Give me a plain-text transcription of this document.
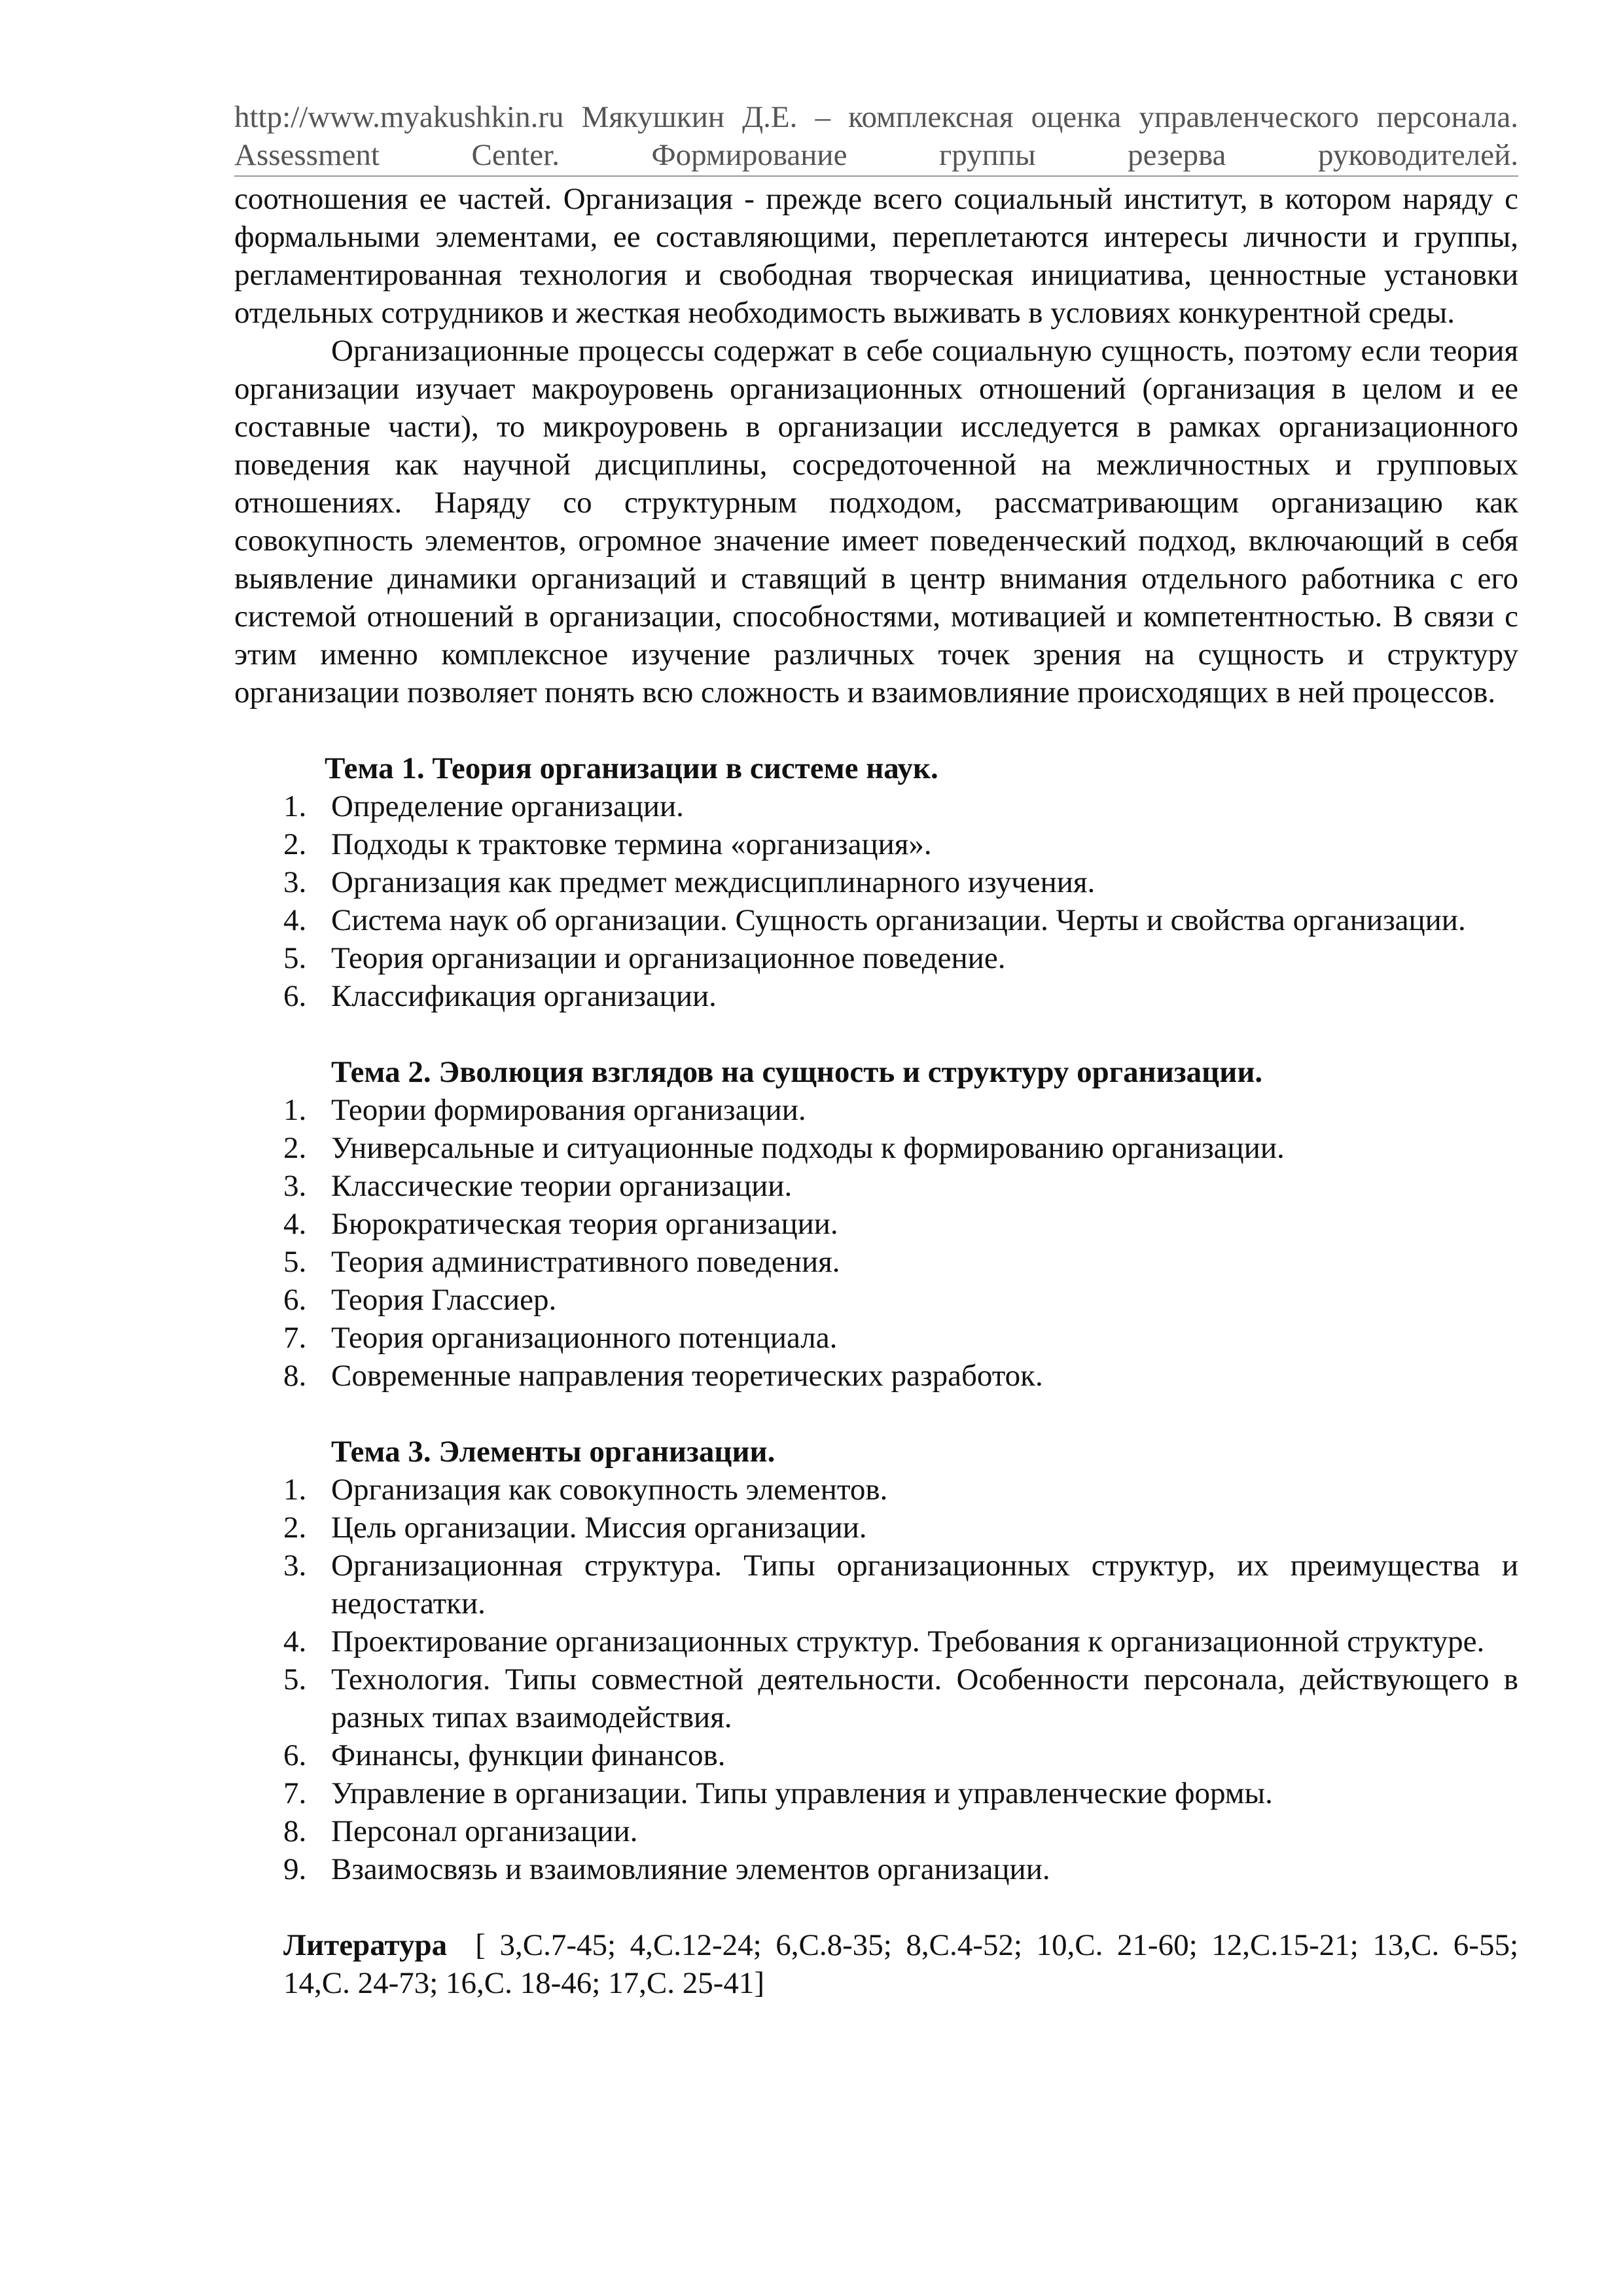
http://www.myakushkin.ru Мякушкин Д.Е. – комплексная оценка управленческого персонала.
Assessment Center. Формирование группы резерва руководителей.

соотношения ее частей. Организация - прежде всего социальный институт, в котором наряду с формальными элементами, ее составляющими, переплетаются интересы личности и группы, регламентированная технология и свободная творческая инициатива, ценностные установки отдельных сотрудников и жесткая необходимость выживать в условиях конкурентной среды.

Организационные процессы содержат в себе социальную сущность, поэтому если теория организации изучает макроуровень организационных отношений (организация в целом и ее составные части), то микроуровень в организации исследуется в рамках организационного поведения как научной дисциплины, сосредоточенной на межличностных и групповых отношениях. Наряду со структурным подходом, рассматривающим организацию как совокупность элементов, огромное значение имеет поведенческий подход, включающий в себя выявление динамики организаций и ставящий в центр внимания отдельного работника с его системой отношений в организации, способностями, мотивацией и компетентностью. В связи с этим именно комплексное изучение различных точек зрения на сущность и структуру организации позволяет понять всю сложность и взаимовлияние происходящих в ней процессов.

Тема 1. Теория организации в системе наук.

1. Определение организации.
2. Подходы к трактовке термина «организация».
3. Организация как предмет междисциплинарного изучения.
4. Система наук об организации. Сущность организации. Черты и свойства организации.
5. Теория организации и организационное поведение.
6. Классификация организации.

Тема 2. Эволюция взглядов на сущность и структуру организации.

1. Теории формирования организации.
2. Универсальные и ситуационные подходы к формированию организации.
3. Классические теории организации.
4. Бюрократическая теория организации.
5. Теория административного поведения.
6. Теория Глассиер.
7. Теория организационного потенциала.
8. Современные направления теоретических разработок.

Тема 3. Элементы организации.

1. Организация как совокупность элементов.
2. Цель организации. Миссия организации.
3. Организационная структура. Типы организационных структур, их преимущества и недостатки.
4. Проектирование организационных структур. Требования к организационной структуре.
5. Технология. Типы совместной деятельности. Особенности персонала, действующего в разных типах взаимодействия.
6. Финансы, функции финансов.
7. Управление в организации. Типы управления и управленческие формы.
8. Персонал организации.
9. Взаимосвязь и взаимовлияние элементов организации.

Литература [ 3,С.7-45; 4,С.12-24; 6,С.8-35; 8,С.4-52; 10,С. 21-60; 12,С.15-21; 13,С. 6-55; 14,С. 24-73; 16,С. 18-46; 17,С. 25-41]
